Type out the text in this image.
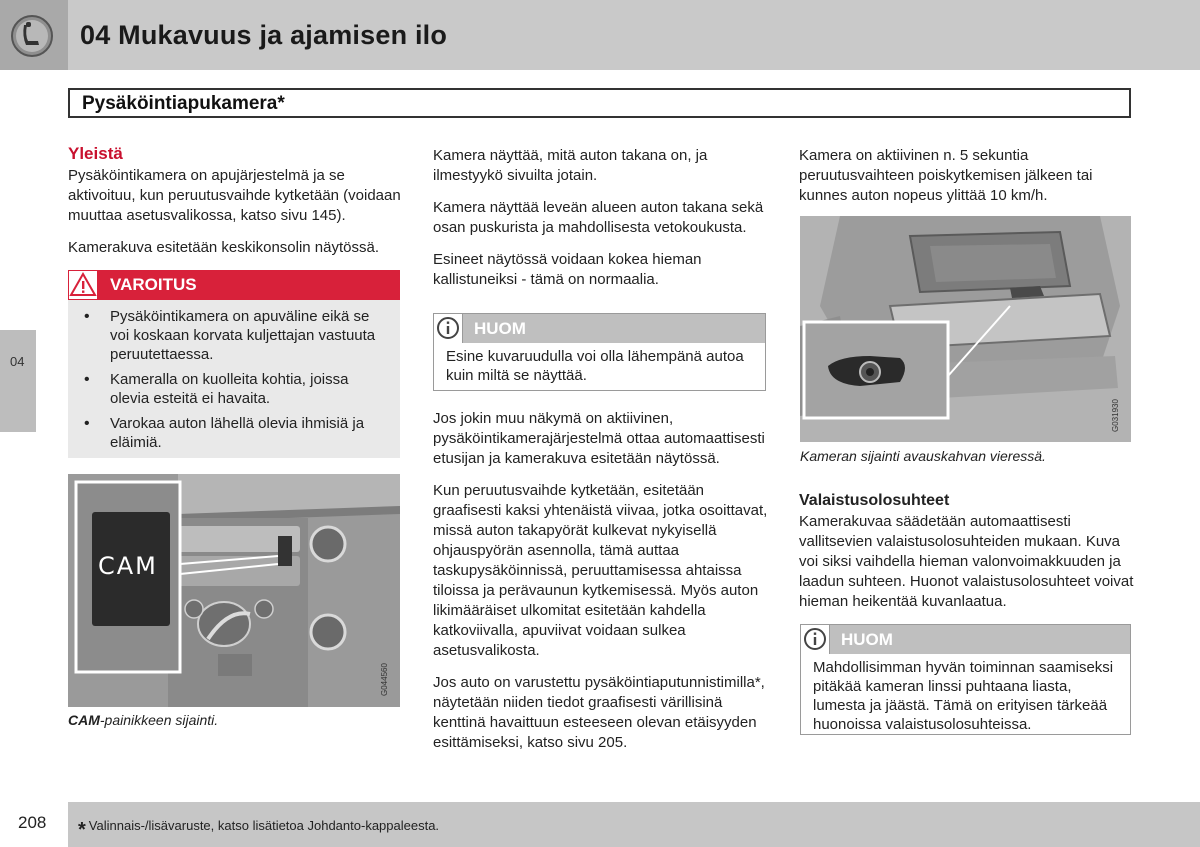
04 Mukavuus ja ajamisen ilo
Pysäköintiapukamera*
04
Yleistä

Pysäköintikamera on apujärjestelmä ja se aktivoituu, kun peruutusvaihde kytketään (voidaan muuttaa asetusvalikossa, katso sivu 145).

Kamerakuva esitetään keskikonsolin näytössä.

VAROITUS
• Pysäköintikamera on apuväline eikä se voi koskaan korvata kuljettajan vastuuta peruutettaessa.
• Kameralla on kuolleita kohtia, joissa olevia esteitä ei havaita.
• Varokaa auton lähellä olevia ihmisiä ja eläimiä.
CAM
G044560
CAM-painikkeen sijainti.

Kamera näyttää, mitä auton takana on, ja ilmestyykö sivuilta jotain.

Kamera näyttää leveän alueen auton takana sekä osan puskurista ja mahdollisesta vetokoukusta.

Esineet näytössä voidaan kokea hieman kallistuneiksi - tämä on normaalia.

Jos jokin muu näkymä on aktiivinen, pysäköintikamerajärjestelmä ottaa automaattisesti etusijan ja kamerakuva esitetään näytössä.

Kun peruutusvaihde kytketään, esitetään graafisesti kaksi yhtenäistä viivaa, jotka osoittavat, missä auton takapyörät kulkevat nykyisellä ohjauspyörän asennolla, tämä auttaa taskupysäköinnissä, peruuttamisessa ahtaissa tiloissa ja perävaunun kytkemisessä. Myös auton likimääräiset ulkomitat esitetään kahdella katkoviivalla, apuviivat voidaan sulkea asetusvalikosta.

Jos auto on varustettu pysäköintiaputunnistimilla*, näytetään niiden tiedot graafisesti värillisinä kenttinä havaittuun esteeseen olevan etäisyyden esittämiseksi, katso sivu 205.

HUOM
Esine kuvaruudulla voi olla lähempänä autoa kuin miltä se näyttää.

Kamera on aktiivinen n. 5 sekuntia peruutusvaihteen poiskytkemisen jälkeen tai kunnes auton nopeus ylittää 10 km/h.

G031930
Kameran sijainti avauskahvan vieressä.
Valaistusolosuhteet

Kamerakuvaa säädetään automaattisesti vallitsevien valaistusolosuhteiden mukaan. Kuva voi siksi vaihdella hieman valonvoimakkuuden ja laadun suhteen. Huonot valaistusolosuhteet voivat hieman heikentää kuvanlaatua.

HUOM
Mahdollisimman hyvän toiminnan saamiseksi pitäkää kameran linssi puhtaana liasta, lumesta ja jäästä. Tämä on erityisen tärkeää huonoissa valaistusolosuhteissa.
208 * Valinnais-/lisävaruste, katso lisätietoa Johdanto-kappaleesta.
